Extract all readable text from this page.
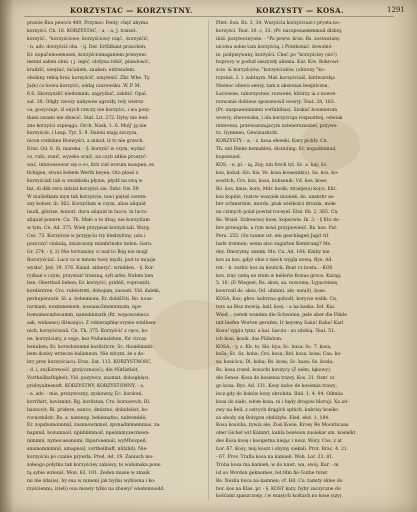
KORZYSTAC — KORZYSTNY.	KORZYSTY — KOSA.	1291
prawie Bau pewicn 400, Przymoc Penty, chęć abyma
korzyści. Ch. 16. KORZYSTAC, - a, - a, J. transit.
korzyść., "korzyściowe, korzyściowy cząć., korzyśćić,
- n. adv. dorzyściś obs. - ij. Der. Erfülbant prauchen;
Er. nopačemoemuem, korzyściomagamem prenyeni-
menni sahen obni. ( j. lepić, obdyna robić, plandowić,
kradzić, uwężać, nićaliem, zauben, entrendem.
obokiny rebią krai; korzyścić, umylenić. Zbr. Whe. Ty.
Ja(k) co kowu korzyści, oddaj czarowsku. W. P. M.
6,0. Skorzyszlić niedomnin, zagryźnić, zabitić. Opal.
sat. 30. Odgły rzeczy nabywne agrożły, tely wiersz-
ca; pozyczaje, iż onych rzeczy nie korzyści, i wa pozy-
tkani zwami nie zbiecić. Stat. Lit. 272. Dyby nie bed-
zne korzyści szpieągu. Orch. Nask. 1. 6. Mulj' ją nie
korzyście, i Lexp. Tyr. 5. 9. Daleni mają szczyza,
nicon rodzinne Buswyści, a minoł, iż to nie grzech.
Eras. Od. 6. ili, mareka. - §. korzyść w czym, wydać
co, rubi, zonić, wyzeko sruić, na czyb zdkie proszyć-
wać, interessowar się o co, fich viel worum maupen, es
fichigen, etwas bebem Werth beyen. Oto pławi z
korzyściali tak w zwiddoku płynie, płydź na swą w
łaz, di dlik rera sidział korzyści sie. Zebr. Ow. 59.
W mulżelkam myn tak korzyście, tawi piętaś corem-
sny kołoer, ib. 362. Korzyślam w czym, alius aliquid
laudi, gloriae, honori, ducu aliquid in lucco, in lucro
aliquid ponere. Cn. Th. Mało o to dbuj; nie korzyślam
w tym. Cn. Ad. 375. Wiek przypisał korzyściali. Warg.
Cez. 73. Korzyście w przyjęciu try bledzyfony, (alu i
pozyczyć vinkulą, zniszczony mimbrinsko inden. Garn.
Gr. 274. - §. 2) Nie tortunsiny ci nad to Bóg nie mogl
Bororyściać. Lucz ca w mnom twey myśli, pod to m(a)je
wysłać. Jed. 19. 376. Kniad. abberyć. wriehlen. - §. Kor-
ryśbaé o czym, przystaić trzesną, syfi arbe, Nuben ben
ben, Oberthoil heben; Er. korzyści, pridéil, voprosziti,
kordistiren. Cro. rubéstreti, dobojam, zaousti. Vid. daleki,
perkupiswaté. Sl. a. bohemiom; Er. dobiščiti. Ro. nous-
ravmam, noxmmemem, nossaxo3menmmam, npe-
bomumecmbosamm, namuknmath (Rt. wopowomeca
ask, wnkaexo) lūtwanjo). Z robieraphlęcorynie winlbem-
nich, korzyściwali. Cn. Th. 375. Korzyścić z cęco, ko-
ne, korzyściaty, z cego, bez Nuhenziehen, für circas
benuben; Er. korwdomnmé korilsticre, Sc. rkonéimmti-
bem dozisy wrzecze baliennon. Nie zdcym, że s do-
bry prey korzyściacu. Eras. Sat. 113. KORZYSTNOSC,
- d. i, zu(Korzwość, prziyczno(sć), die Nütlistleit,
Vortheilhaftigkeit; Vid. pozytecz, zaomat, dobogkięci,
pridoyaitesnoft. KORZYSTNY, KORZYSTOWNY, - a,
- e, adv. - mie, prozyteczny, zyskowny, Ec. kordoni,
korrihirt, kovisnint; Rg. korilstan; Cro. korzarevit; Dl.
hasnovit; Ri. pridere, nanco, dmistno, dobideliut, ko-
rovnomilsir; Rs. a. natenop, bebienafno, nabtemblé;
Er. zopsbomonnmil, zusnnowmmol, zpvnadmmemmas, za-
bapnnil, bozumnoil, npnbblmnoil, npeámmyxecmsen-
nimmni, nymecueunumi, tbparoaenuil, wyMbovpeil,
snamomnimnil, umapnoil, vortheilbaff, nũtzlid). Nie-
korzyściu po czanie prywda. Pred. Ad. 19. Zaniuch mo-
zołeogo połytku tak korzyściey zabawy, to widomska pono
tą sybie wzieniś. Mon. 63, 101. Zeden musie w zmaik
mi nie żda(ie), by sua w n(nem) jak by(ła) wybiwna i ko-
rzyściennu, iż(eli) oua mowiy tylko na zbawyć wiedomuodd.
Pilet. Son. Rs. 3, 34. Wszyścia korzyściuie i prysta-no-
korzyści. Teat. 10. c, 33. (Pr. naczpesaemmmuil dlsbzy,
ibid. pożytecznywie. - "Pa prerw. krus. Rs. zostawiany.
nicowa sobie tam korzyścią, i Przekonać. dowolnó-
ie. podpisywany, korzyści. Cheć po "korzyściey (sic!)
hoprocy w podud saszyzdy alienia. Kar. Kre. Rokrowi-
ście. & korzyściów, "korzyściubiw, (oblorzy "ko-
rzystaé, 2. l. zabtaym. Mał. korzyściuiš, bintwarsłąc.
Niemoc obiera sensy, tam n aksionan bezpilczne,
Łaciowne, taborzystuw, rozwone, kitórzy ia z nowre-
rzowanie dobieae zpossmowil wowry. Teat. 28, 163.
(Pr. unzpsaeniimmni vorfabibas). Szukać bosmierum
wowry, zherowaka, i ola korzyściąn rozpsatitej, odwiak
interessa, przewazszajacym zatenerszasziel, przywo-
tu. Gymmeu, Gewinuslicht.
KORZYSTY, - a, - z, kosa ełeseki, Kary pickly. Cn.
Th. mit Binke bemahlen, distinling: Er. nopadinmud,
kopsinued.
KOS, - e, pl. - ią, Zuy, nin frech tyl. Sc. a. kaj; Sc.
kos, kobał; Slo. his; Ve. kosa kousenik(s). Sa. kos, ko-
sowitch; Cro. kos, kosa, kobsonik; Vd. kos, kose;
Ro. kos, kaus; kora; Mdr. kosik; stranje(s) ko(s). Ekt.
kos kopilie, rozicw wasyiek mionek; do. unzerbr sa-
ber schmerlein, mordo, ptak wielkości drozda, mołe
na czimych polał powtał roceyel. Ebd. 6b. 2, 365. Cn.
Rs. Wsiel. Stdresowy kose, kopsowie. Ik. 3. - § Kto do-
bre przeogcła, a rym nowi przypowieść. Rs. kos. Pat.
Pera. 253. (Su taume ist, ein geschlagen Jagd vif
lasfe trennen; wenn also zugarten Kemtrung? Ms.
dey. Dmorymy, ammk. Ms. Cn. Ad. 164. Kmby nie
kos za kos, gdyż obie z niech wygła nową. Bys. Ad.
ret. - k. rozbic kos za koutick. Boat cz bosta. - KOS
kos, tray czelą ne stem w kellerie Bonus grece. Karag.
5, 16. (D Wiegest; Rs. skon, sa. nowoma; Lypacemas,
kuwrcall ds. skos, Od. ubmini, ale, sun(il), kose.
KOSA, Kos; gbro. kobryna gohodt, korycie wslik. Cn.
tors ua Bisz mowią. kaif, kosi, - a na kaska. Ird. Kai.
Wied. . (setek wunden die Schweine, jede aber die Pilide
mit biefen Worten gerufen. Ir keysmy Saka! Raba! Karl
Kosu! vppiu tymi, a kai. lasczu - zu zdobią. Teat. 51.
ich kosi, kosik, das Plähdom.
KOSA, - y, s. Kb. to. Slo. kya; Sc. kusa; Sc. 7. kosa,
koša; Sc. Sz. koha; Cro. kosa; Ibd. kosa. kosa; Cau. ko-
sa, kosicica; Dl. koha; Rs. kosa; Sc. kasa; Ss. kosla;
Rs. kosa (rszeł, kosuch) kovzycy (Z oelm, łąkowy),
die Sense. Kosa do kosienia trawy. Kos. 31. Osm' cz
go kosa. Bys. Ad. 131. Kosy indoc do kosienia trawy;
lecz gdy do boków kosy obrohita. Ibid. 1. 4. 94. Odmiia
kosa do siało, włom kosa, ni i będy drogow bloruji. Xa ad-
zwy na Bell, z ostrych drągich sphich, kubrisy kosiko
za obody się Bolygon obdóżyło. Eled. ekd. 1, 184.
Kosa kosicka, żywia ale, Zosi Kosie, Krosy Be Moonticaaa
ober Gichel wit Kämmt, kahla bezéuon zusiekar sm. kosielkt
des Kosa kosę i kosigetna niejąc i nosz. Wory. Cos. z at
Łor. 67. Kosy, mój koszt i obymy siekali. Prot. Brac. 4. 21.
- 67. Prov. Trafla kosa na kamień. Wob. Lor. 23. 81.
Troha kosa ma kamień, w do nawt, wa, swój. Kar. - m
ist so Wordon geknomes, tet fdm fie Guthe tuter.
Rs. Nezila hoca na kamnen; cf. Hd. Co. tamity skleo do
bor. kos na Klas. pr. - §. KOSY kary. byby zaczyczne do
kośćami zpaszczony, i w ezasych kośtach no kose (szy).
